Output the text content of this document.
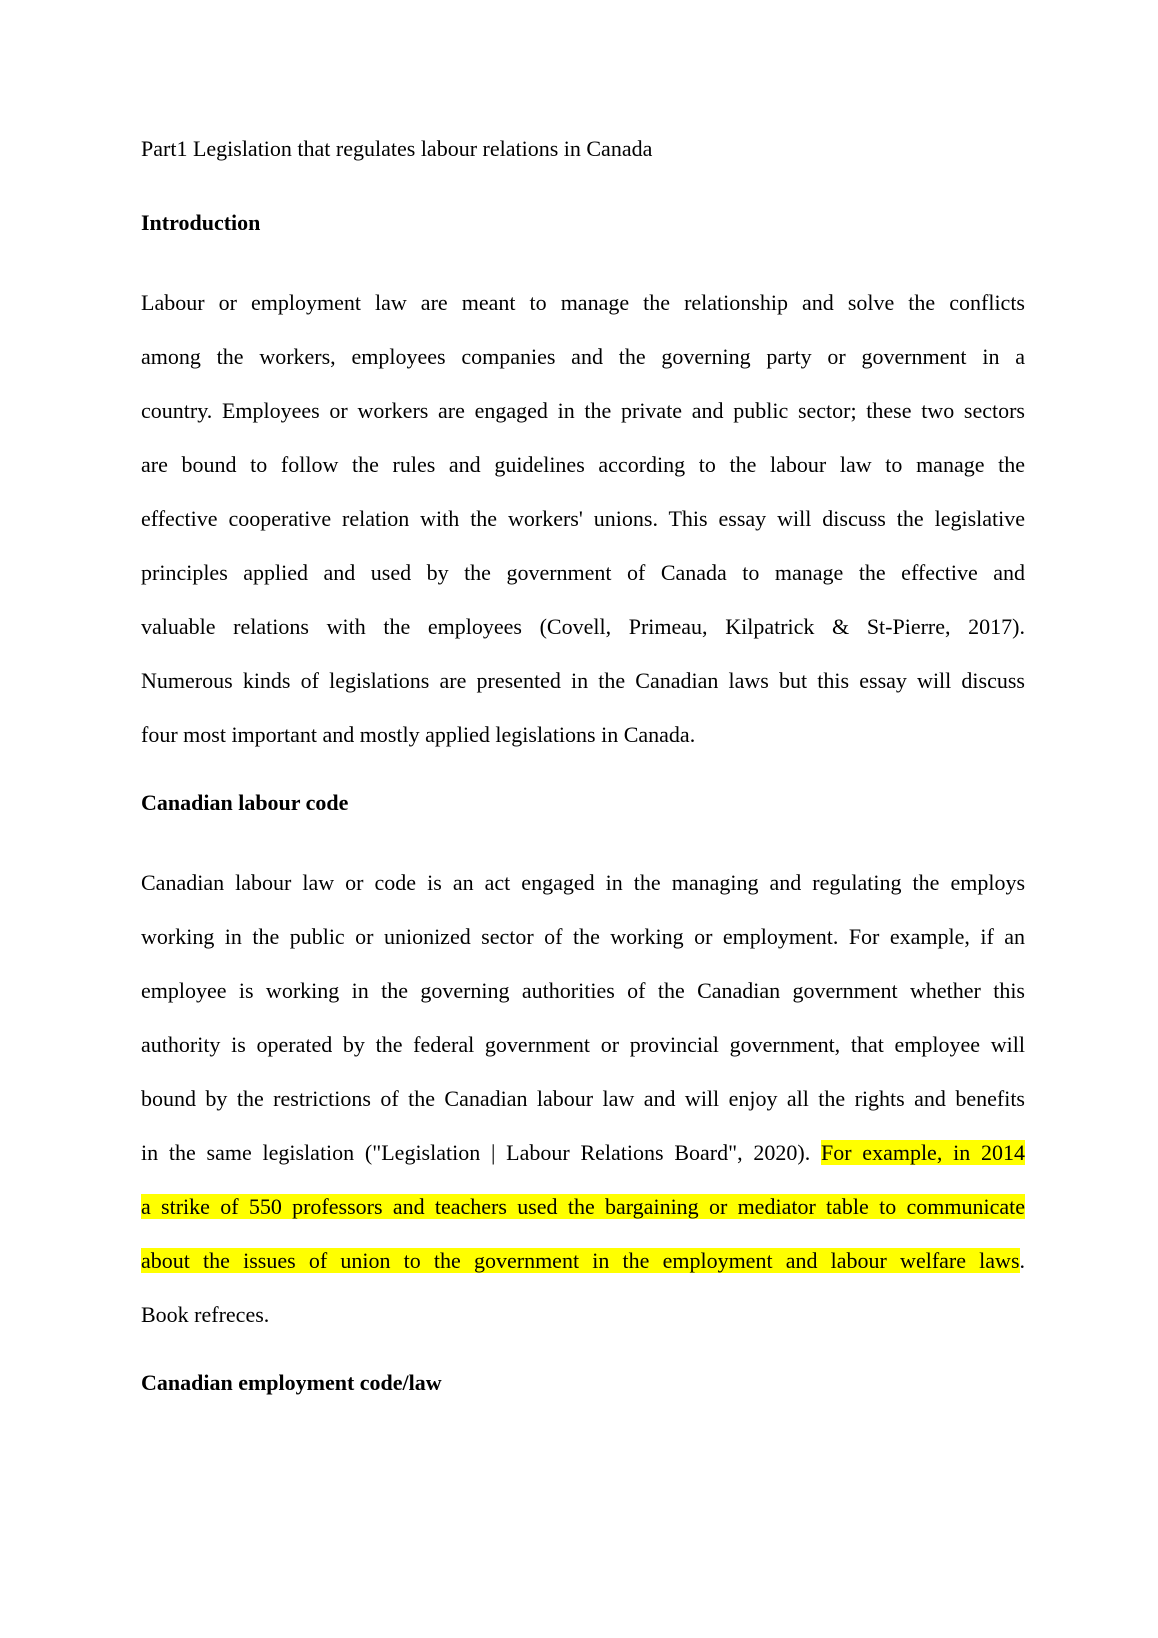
Part1 Legislation that regulates labour relations in Canada
Introduction
Labour or employment law are meant to manage the relationship and solve the conflicts
among the workers, employees companies and the governing party or government in a
country. Employees or workers are engaged in the private and public sector; these two sectors
are bound to follow the rules and guidelines according to the labour law to manage the
effective cooperative relation with the workers' unions. This essay will discuss the legislative
principles applied and used by the government of Canada to manage the effective and
valuable relations with the employees (Covell, Primeau, Kilpatrick & St-Pierre, 2017).
Numerous kinds of legislations are presented in the Canadian laws but this essay will discuss
four most important and mostly applied legislations in Canada.
Canadian labour code
Canadian labour law or code is an act engaged in the managing and regulating the employs
working in the public or unionized sector of the working or employment. For example, if an
employee is working in the governing authorities of the Canadian government whether this
authority is operated by the federal government or provincial government, that employee will
bound by the restrictions of the Canadian labour law and will enjoy all the rights and benefits
in the same legislation ("Legislation | Labour Relations Board", 2020). For example, in 2014
a strike of 550 professors and teachers used the bargaining or mediator table to communicate
about the issues of union to the government in the employment and labour welfare laws.
Book refreces.
Canadian employment code/law
